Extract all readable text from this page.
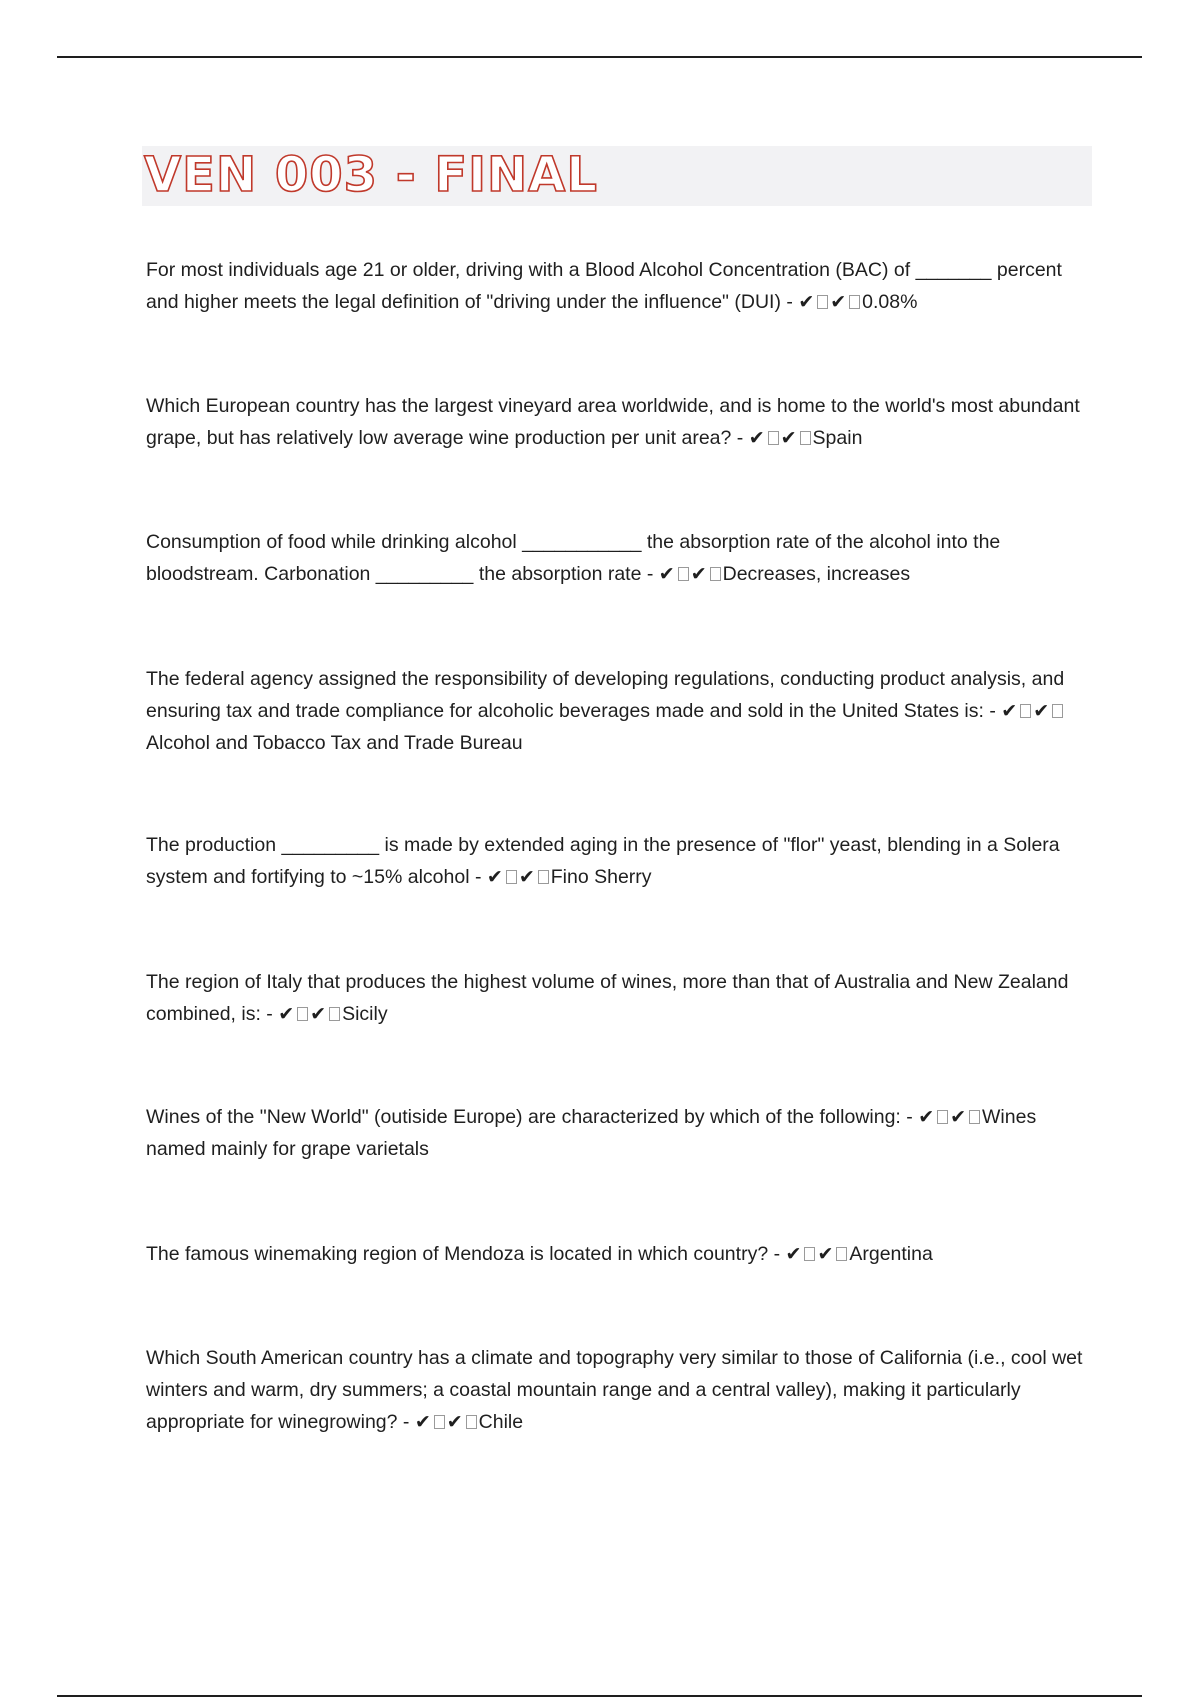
VEN 003 - FINAL
For most individuals age 21 or older, driving with a Blood Alcohol Concentration (BAC) of _______ percent and higher meets the legal definition of "driving under the influence" (DUI) - ✔ ✔ 0.08%
Which European country has the largest vineyard area worldwide, and is home to the world's most abundant grape, but has relatively low average wine production per unit area? - ✔ ✔ Spain
Consumption of food while drinking alcohol ___________ the absorption rate of the alcohol into the bloodstream. Carbonation _________ the absorption rate - ✔ ✔ Decreases, increases
The federal agency assigned the responsibility of developing regulations, conducting product analysis, and ensuring tax and trade compliance for alcoholic beverages made and sold in the United States is: - ✔ ✔Alcohol and Tobacco Tax and Trade Bureau
The production _________ is made by extended aging in the presence of "flor" yeast, blending in a Solera system and fortifying to ~15% alcohol - ✔ ✔ Fino Sherry
The region of Italy that produces the highest volume of wines, more than that of Australia and New Zealand combined, is: - ✔ ✔ Sicily
Wines of the "New World" (outiside Europe) are characterized by which of the following: - ✔ ✔ Wines named mainly for grape varietals
The famous winemaking region of Mendoza is located in which country? - ✔ ✔ Argentina
Which South American country has a climate and topography very similar to those of California (i.e., cool wet winters and warm, dry summers; a coastal mountain range and a central valley), making it particularly appropriate for winegrowing? - ✔ ✔ Chile
